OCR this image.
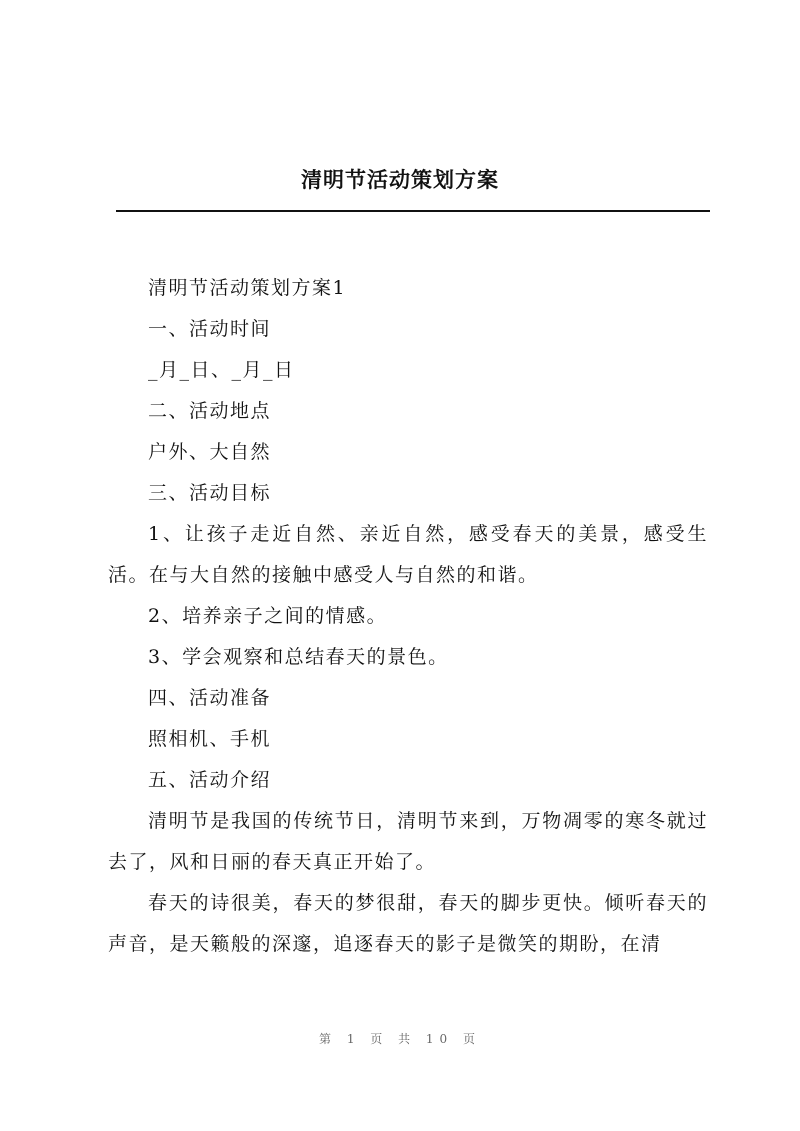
清明节活动策划方案

清明节活动策划方案1

一、活动时间

_月_日、_月_日

二、活动地点

户外、大自然

三、活动目标

1、让孩子走近自然、亲近自然，感受春天的美景，感受生活。在与大自然的接触中感受人与自然的和谐。

2、培养亲子之间的情感。

3、学会观察和总结春天的景色。

四、活动准备

照相机、手机

五、活动介绍

清明节是我国的传统节日，清明节来到，万物凋零的寒冬就过去了，风和日丽的春天真正开始了。

春天的诗很美，春天的梦很甜，春天的脚步更快。倾听春天的声音，是天籁般的深邃，追逐春天的影子是微笑的期盼，在清

第 1 页 共 10 页
